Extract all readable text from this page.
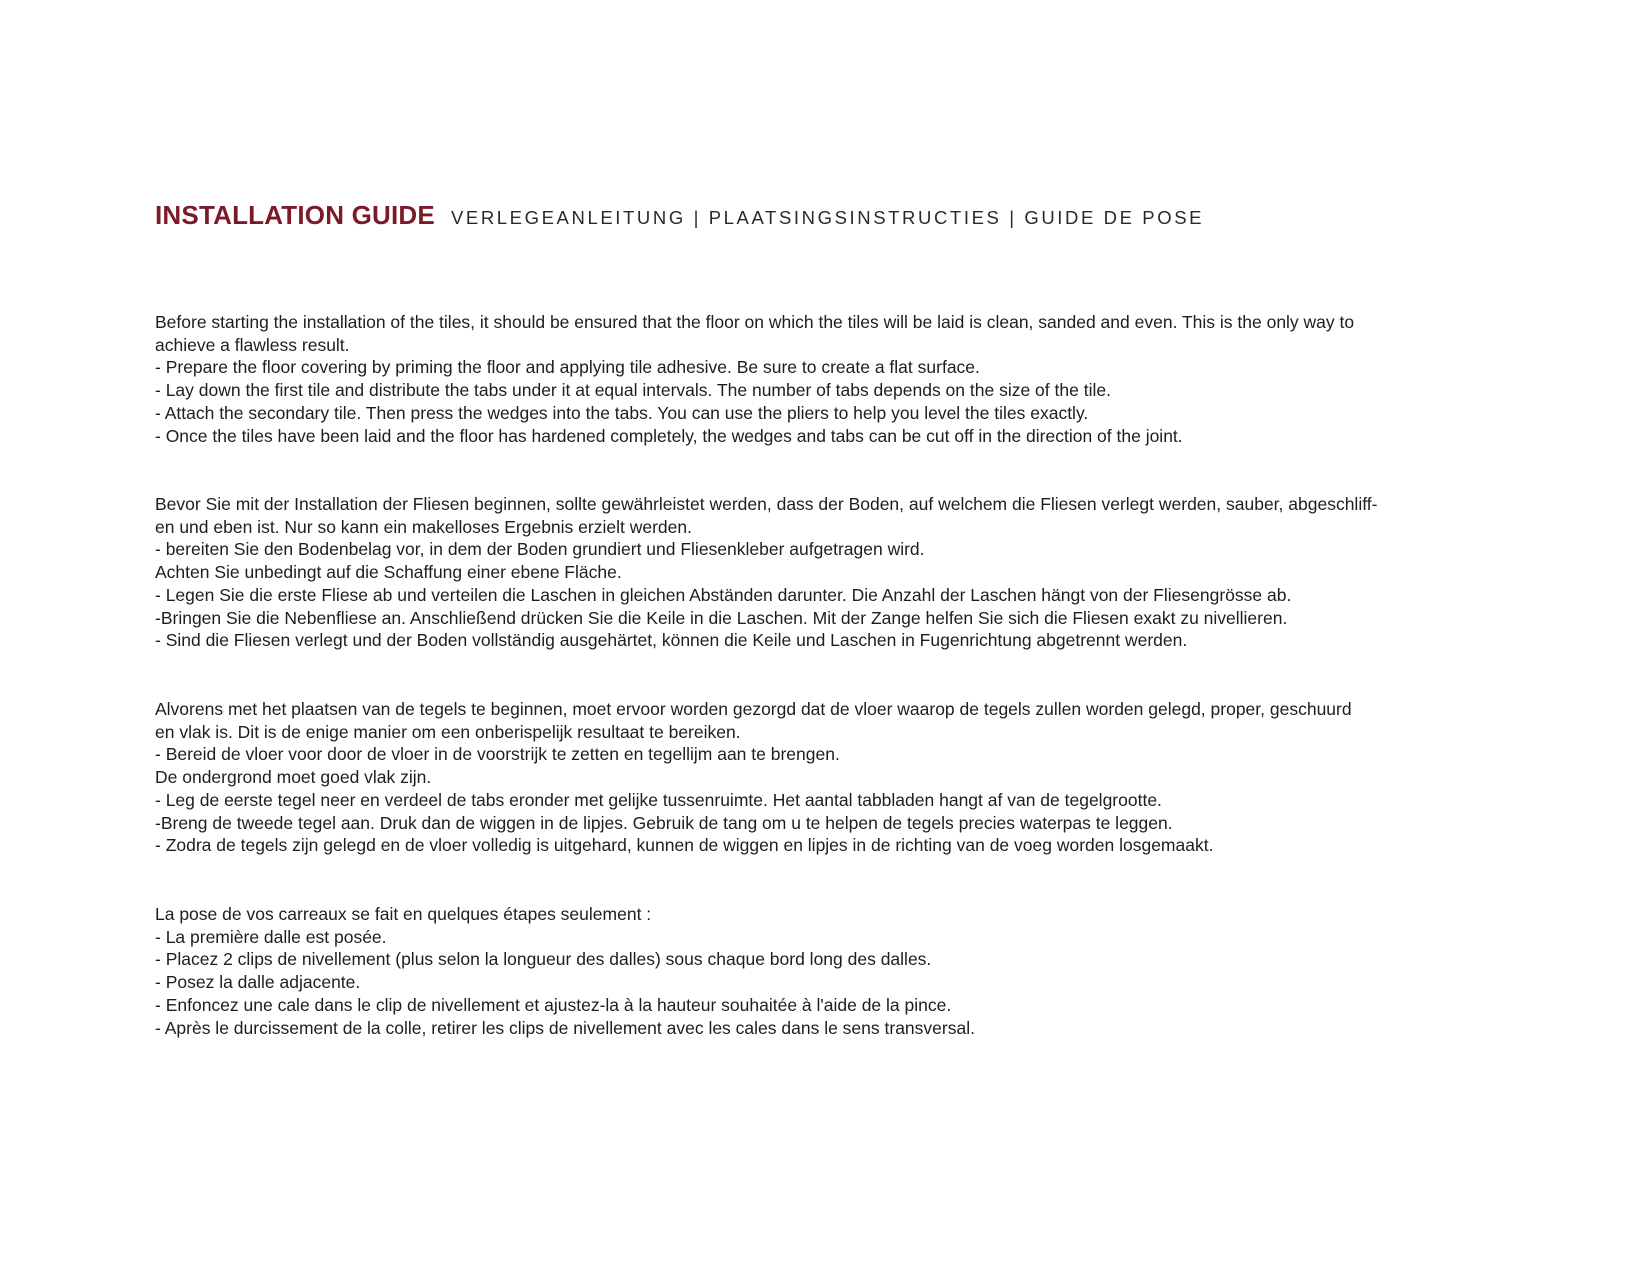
INSTALLATION GUIDE VERLEGEANLEITUNG | PLAATSINGSINSTRUCTIES | GUIDE DE POSE
Before starting the installation of the tiles, it should be ensured that the floor on which the tiles will be laid is clean, sanded and even. This is the only way to
achieve a flawless result.
- Prepare the floor covering by priming the floor and applying tile adhesive. Be sure to create a flat surface.
- Lay down the first tile and distribute the tabs under it at equal intervals. The number of tabs depends on the size of the tile.
- Attach the secondary tile. Then press the wedges into the tabs. You can use the pliers to help you level the tiles exactly.
- Once the tiles have been laid and the floor has hardened completely, the wedges and tabs can be cut off in the direction of the joint.
Bevor Sie mit der Installation der Fliesen beginnen, sollte gewährleistet werden, dass der Boden, auf welchem die Fliesen verlegt werden, sauber, abgeschliff-
en und eben ist. Nur so kann ein makelloses Ergebnis erzielt werden.
- bereiten Sie den Bodenbelag vor, in dem der Boden grundiert und Fliesenkleber aufgetragen wird.
Achten Sie unbedingt auf die Schaffung einer ebene Fläche.
- Legen Sie die erste Fliese ab und verteilen die Laschen in gleichen Abständen darunter. Die Anzahl der Laschen hängt von der Fliesengrösse ab.
-Bringen Sie die Nebenfliese an. Anschließend drücken Sie die Keile in die Laschen. Mit der Zange helfen Sie sich die Fliesen exakt zu nivellieren.
- Sind die Fliesen verlegt und der Boden vollständig ausgehärtet, können die Keile und Laschen in Fugenrichtung abgetrennt werden.
Alvorens met het plaatsen van de tegels te beginnen, moet ervoor worden gezorgd dat de vloer waarop de tegels zullen worden gelegd, proper, geschuurd
en vlak is. Dit is de enige manier om een onberispelijk resultaat te bereiken.
- Bereid de vloer voor door de vloer in de voorstrijk te zetten en tegellijm aan te brengen.
De ondergrond moet goed vlak zijn.
- Leg de eerste tegel neer en verdeel de tabs eronder met gelijke tussenruimte. Het aantal tabbladen hangt af van de tegelgrootte.
-Breng de tweede tegel aan. Druk dan de wiggen in de lipjes. Gebruik de tang om u te helpen de tegels precies waterpas te leggen.
- Zodra de tegels zijn gelegd en de vloer volledig is uitgehard, kunnen de wiggen en lipjes in de richting van de voeg worden losgemaakt.
La pose de vos carreaux se fait en quelques étapes seulement :
- La première dalle est posée.
- Placez 2 clips de nivellement (plus selon la longueur des dalles) sous chaque bord long des dalles.
- Posez la dalle adjacente.
- Enfoncez une cale dans le clip de nivellement et ajustez-la à la hauteur souhaitée à l'aide de la pince.
- Après le durcissement de la colle, retirer les clips de nivellement avec les cales dans le sens transversal.
